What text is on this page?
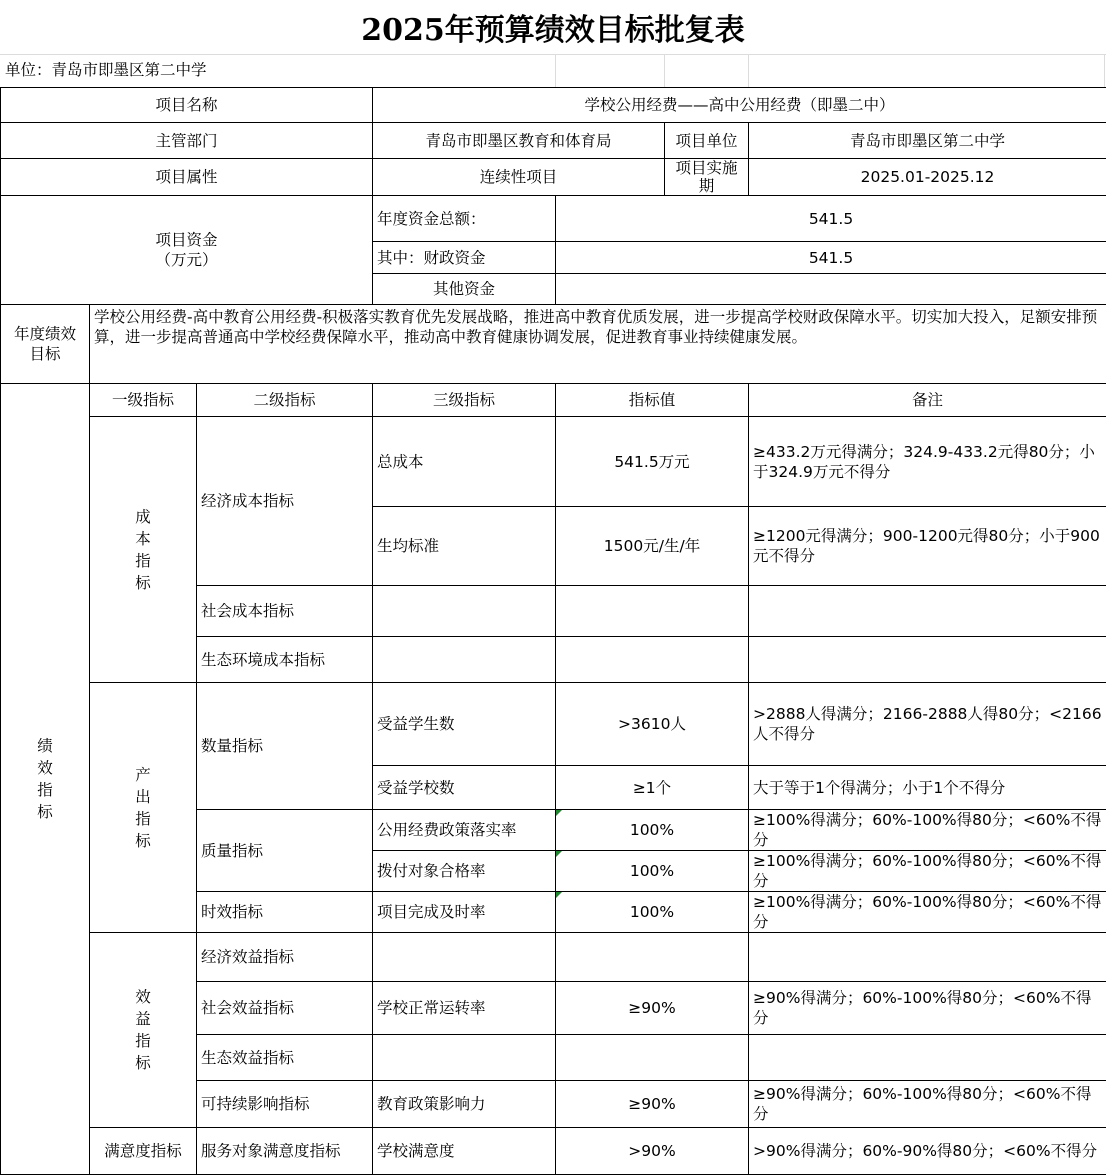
2025年预算绩效目标批复表
单位：青岛市即墨区第二中学
项目名称			学校公用经费——高中公用经费（即墨二中）			
主管部门			青岛市即墨区教育和体育局		项目单位	青岛市即墨区第二中学
项目属性			连续性项目		项目实施期	2025.01-2025.12
项目资金（万元）			年度资金总额：	541.5		
			其中：财政资金	541.5		
			其他资金			
年度绩效目标	学校公用经费-高中教育公用经费-积极落实教育优先发展战略，推进高中教育优质发展，进一步提高学校财政保障水平。切实加大投入，足额安排预算，进一步提高普通高中学校经费保障水平，推动高中教育健康协调发展，促进教育事业持续健康发展。					
绩效指标	一级指标	二级指标	三级指标	指标值		备注
	成本指标	经济成本指标	总成本	541.5万元		≥433.2万元得满分；324.9-433.2元得80分；小于324.9万元不得分
			生均标准	1500元/生/年		≥1200元得满分；900-1200元得80分；小于900元不得分
		社会成本指标				
		生态环境成本指标				
	产出指标	数量指标	受益学生数	>3610人		>2888人得满分；2166-2888人得80分；<2166人不得分
			受益学校数	≥1个		大于等于1个得满分；小于1个不得分
		质量指标	公用经费政策落实率	100%		≥100%得满分；60%-100%得80分；<60%不得分
			拨付对象合格率	100%		≥100%得满分；60%-100%得80分；<60%不得分
		时效指标	项目完成及时率	100%		≥100%得满分；60%-100%得80分；<60%不得分
	效益指标	经济效益指标				
		社会效益指标	学校正常运转率	≥90%		≥90%得满分；60%-100%得80分；<60%不得分
		生态效益指标				
		可持续影响指标	教育政策影响力	≥90%		≥90%得满分；60%-100%得80分；<60%不得分
	满意度指标	服务对象满意度指标	学校满意度	>90%		>90%得满分；60%-90%得80分；<60%不得分
